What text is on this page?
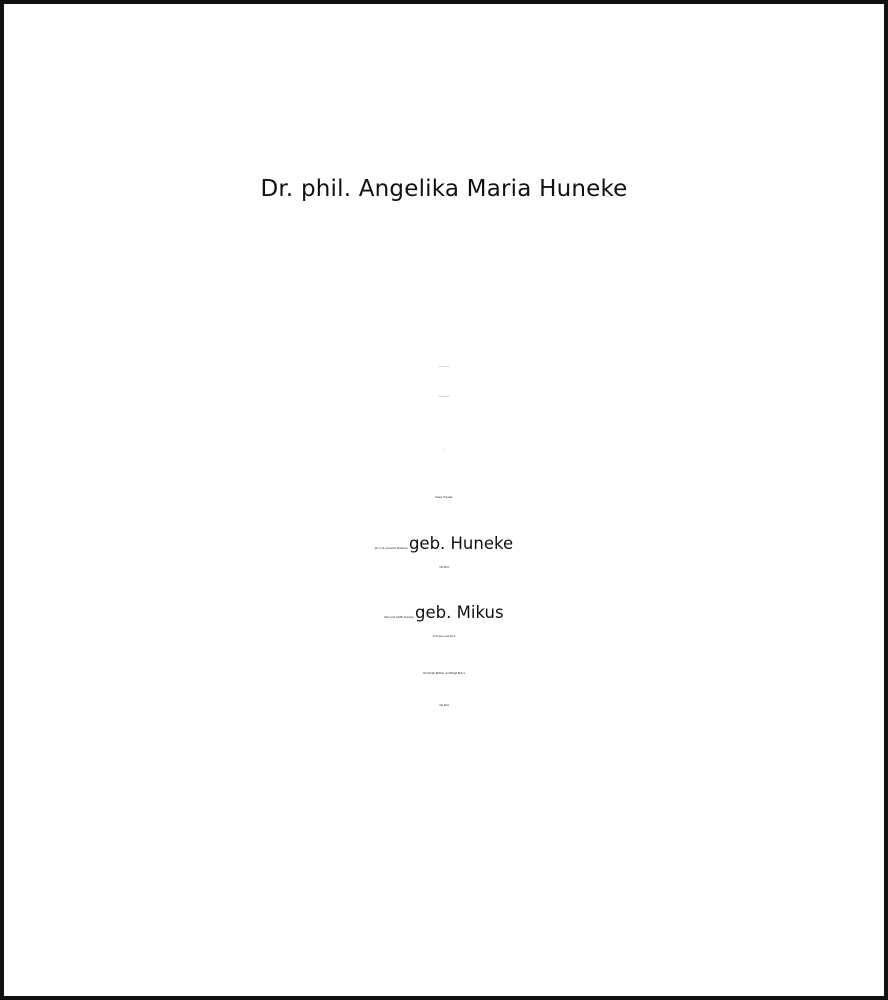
Dr. phil. Angelika Maria Huneke
Klaus Huneke
Jan und Annerike Rietema, geb. Huneke
mit Piet
Paul und Judith Huneke, geb. Mikus
mit Lean und Juna
Christoph Rüther und Birgit Brüns
mit Paul
